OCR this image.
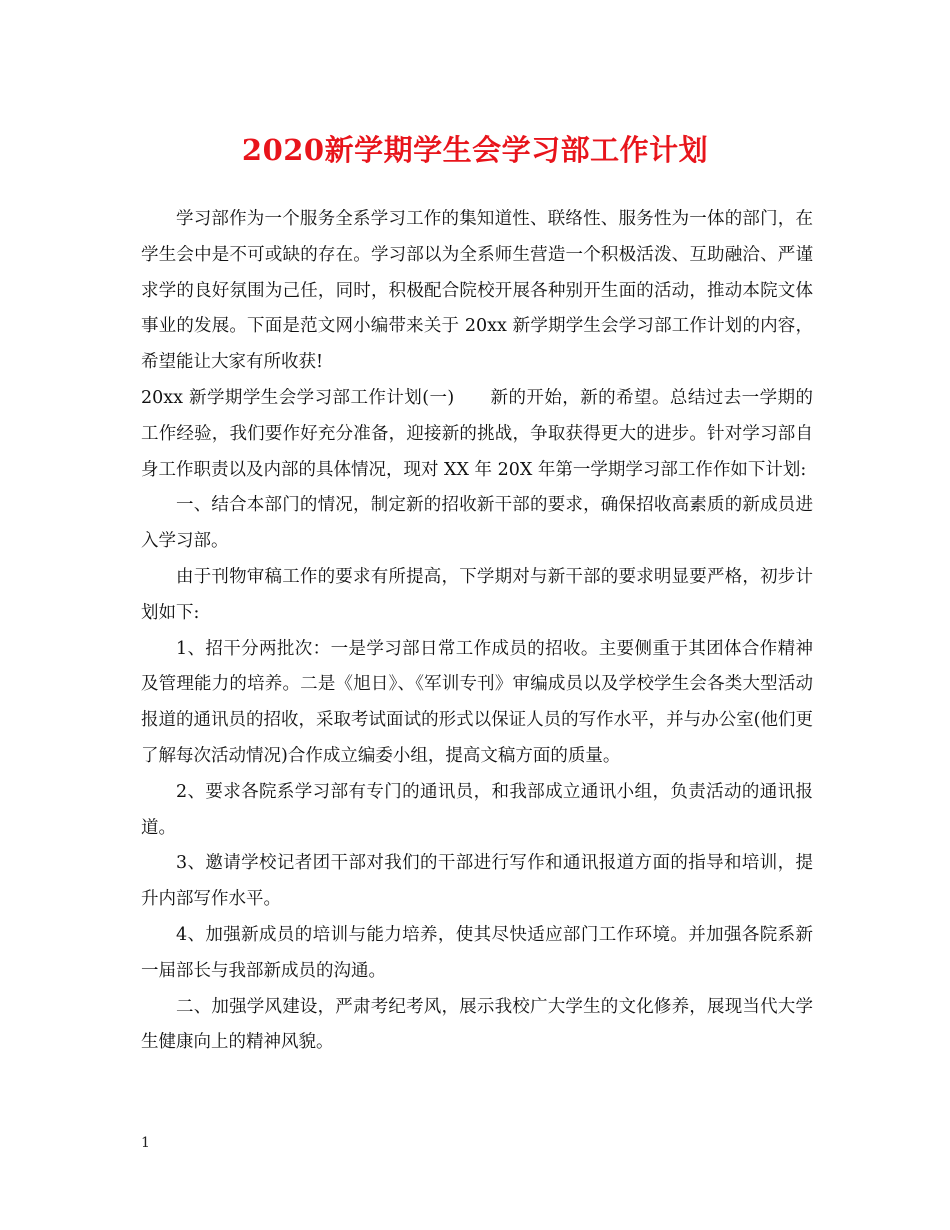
2020新学期学生会学习部工作计划

学习部作为一个服务全系学习工作的集知道性、联络性、服务性为一体的部门，在学生会中是不可或缺的存在。学习部以为全系师生营造一个积极活泼、互助融洽、严谨求学的良好氛围为己任，同时，积极配合院校开展各种别开生面的活动，推动本院文体事业的发展。下面是范文网小编带来关于 20xx 新学期学生会学习部工作计划的内容，希望能让大家有所收获!

20xx 新学期学生会学习部工作计划(一)　　新的开始，新的希望。总结过去一学期的工作经验，我们要作好充分准备，迎接新的挑战，争取获得更大的进步。针对学习部自身工作职责以及内部的具体情况，现对 XX 年 20X 年第一学期学习部工作作如下计划:

一、结合本部门的情况，制定新的招收新干部的要求，确保招收高素质的新成员进入学习部。

由于刊物审稿工作的要求有所提高，下学期对与新干部的要求明显要严格，初步计划如下:

1、招干分两批次：一是学习部日常工作成员的招收。主要侧重于其团体合作精神及管理能力的培养。二是《旭日》、《军训专刊》审编成员以及学校学生会各类大型活动报道的通讯员的招收，采取考试面试的形式以保证人员的写作水平，并与办公室(他们更了解每次活动情况)合作成立编委小组，提高文稿方面的质量。

2、要求各院系学习部有专门的通讯员，和我部成立通讯小组，负责活动的通讯报道。

3、邀请学校记者团干部对我们的干部进行写作和通讯报道方面的指导和培训，提升内部写作水平。

4、加强新成员的培训与能力培养，使其尽快适应部门工作环境。并加强各院系新一届部长与我部新成员的沟通。

二、加强学风建设，严肃考纪考风，展示我校广大学生的文化修养，展现当代大学生健康向上的精神风貌。

1
